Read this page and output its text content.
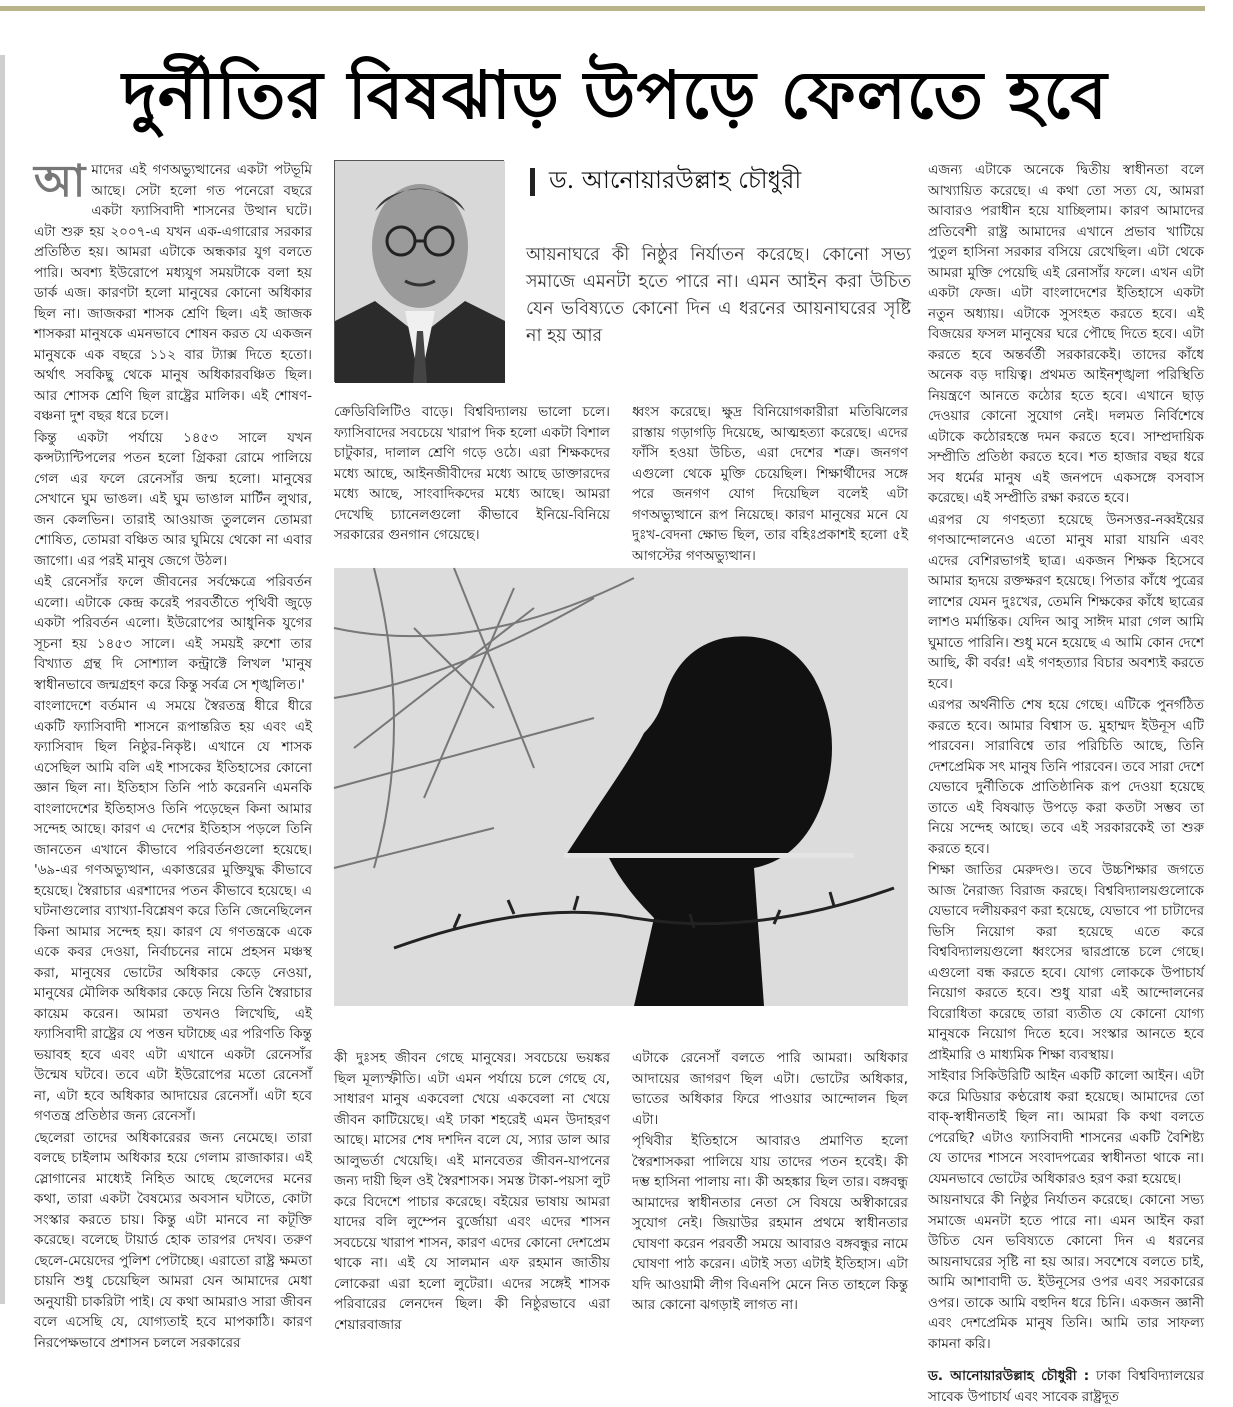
দুর্নীতির বিষঝাড় উপড়ে ফেলতে হবে

আমাদের এই গণঅভ্যুত্থানের একটা পটভূমি আছে। সেটা হলো গত পনেরো বছরে একটা ফ্যাসিবাদী শাসনের উত্থান ঘটে। এটা শুরু হয় ২০০৭-এ যখন এক-এগারোর সরকার প্রতিষ্ঠিত হয়। আমরা এটাকে অন্ধকার যুগ বলতে পারি। অবশ্য ইউরোপে মধ্যযুগ সময়টাকে বলা হয় ডার্ক এজ। কারণটা হলো মানুষের কোনো অধিকার ছিল না। জাজকরা শাসক শ্রেণি ছিল। এই জাজক শাসকরা মানুষকে এমনভাবে শোষন করত যে একজন মানুষকে এক বছরে ১১২ বার ট্যাক্স দিতে হতো। অর্থাৎ সবকিছু থেকে মানুষ অধিকারবঞ্চিত ছিল। আর শোসক শ্রেণি ছিল রাষ্ট্রের মালিক। এই শোষণ-বঞ্চনা দুশ বছর ধরে চলে।

কিন্তু একটা পর্যায়ে ১৪৫৩ সালে যখন কন্সট্যান্টিপলের পতন হলো গ্রিকরা রোমে পালিয়ে গেল এর ফলে রেনেসাঁর জন্ম হলো। মানুষের সেখানে ঘুম ভাঙল। এই ঘুম ভাঙাল মার্টিন লুথার, জন কেলভিন। তারাই আওয়াজ তুললেন তোমরা শোষিত, তোমরা বঞ্চিত আর ঘুমিয়ে থেকো না এবার জাগো। এর পরই মানুষ জেগে উঠল।

এই রেনেসাঁর ফলে জীবনের সর্বক্ষেত্রে পরিবর্তন এলো। এটাকে কেন্দ্র করেই পরবর্তীতে পৃথিবী জুড়ে একটা পরিবর্তন এলো। ইউরোপের আধুনিক যুগের সূচনা হয় ১৪৫৩ সালে। এই সময়ই রুশো তার বিখ্যাত গ্রন্থ দি সোশ্যাল কন্ট্রাক্টে লিখল 'মানুষ স্বাধীনভাবে জন্মগ্রহণ করে কিন্তু সর্বত্র সে শৃঙ্খলিত।'

বাংলাদেশে বর্তমান এ সময়ে স্বৈরতন্ত্র ধীরে ধীরে একটি ফ্যাসিবাদী শাসনে রূপান্তরিত হয় এবং এই ফ্যাসিবাদ ছিল নিষ্ঠুর-নিকৃষ্ট। এখানে যে শাসক এসেছিল আমি বলি এই শাসকের ইতিহাসের কোনো জ্ঞান ছিল না। ইতিহাস তিনি পাঠ করেননি এমনকি বাংলাদেশের ইতিহাসও তিনি পড়েছেন কিনা আমার সন্দেহ আছে। কারণ এ দেশের ইতিহাস পড়লে তিনি জানতেন এখানে কীভাবে পরিবর্তনগুলো হয়েছে। '৬৯-এর গণঅভ্যুত্থান, একাত্তরের মুক্তিযুদ্ধ কীভাবে হয়েছে। স্বৈরাচার এরশাদের পতন কীভাবে হয়েছে। এ ঘটনাগুলোর ব্যাখ্যা-বিশ্লেষণ করে তিনি জেনেছিলেন কিনা আমার সন্দেহ হয়। কারণ যে গণতন্ত্রকে একে একে কবর দেওয়া, নির্বাচনের নামে প্রহসন মঞ্চস্থ করা, মানুষের ভোটের অধিকার কেড়ে নেওয়া, মানুষের মৌলিক অধিকার কেড়ে নিয়ে তিনি স্বৈরাচার কায়েম করেন। আমরা তখনও লিখেছি, এই ফ্যাসিবাদী রাষ্ট্রের যে পত্তন ঘটাচ্ছে এর পরিণতি কিন্তু ভয়াবহ হবে এবং এটা এখানে একটা রেনেসাঁর উন্মেষ ঘটবে। তবে এটা ইউরোপের মতো রেনেসাঁ না, এটা হবে অধিকার আদায়ের রেনেসাঁ। এটা হবে গণতন্ত্র প্রতিষ্ঠার জন্য রেনেসাঁ।

ছেলেরা তাদের অধিকারেরর জন্য নেমেছে। তারা বলছে চাইলাম অধিকার হয়ে গেলাম রাজাকার। এই স্লোগানের মাধ্যেই নিহিত আছে ছেলেদের মনের কথা, তারা একটা বৈষম্যের অবসান ঘটাতে, কোটা সংস্কার করতে চায়। কিন্তু এটা মানবে না কটূক্তি করেছে। বলেছে টায়ার্ড হোক তারপর দেখব। তরুণ ছেলে-মেয়েদের পুলিশ পেটাচ্ছে। এরাতো রাষ্ট্র ক্ষমতা চায়নি শুধু চেয়েছিল আমরা যেন আমাদের মেধা অনুযায়ী চাকরিটা পাই। যে কথা আমরাও সারা জীবন বলে এসেছি যে, যোগ্যতাই হবে মাপকাঠি। কারণ নিরপেক্ষভাবে প্রশাসন চললে সরকারের

ড. আনোয়ারউল্লাহ চৌধুরী
আয়নাঘরে কী নিষ্ঠুর নির্যাতন করেছে। কোনো সভ্য সমাজে এমনটা হতে পারে না। এমন আইন করা উচিত যেন ভবিষ্যতে কোনো দিন এ ধরনের আয়নাঘরের সৃষ্টি না হয় আর

ক্রেডিবিলিটিও বাড়ে। বিশ্ববিদ্যালয় ভালো চলে। ফ্যাসিবাদের সবচেয়ে খারাপ দিক হলো একটা বিশাল চাটুকার, দালাল শ্রেণি গড়ে ওঠে। এরা শিক্ষকদের মধ্যে আছে, আইনজীবীদের মধ্যে আছে ডাক্তারদের মধ্যে আছে, সাংবাদিকদের মধ্যে আছে। আমরা দেখেছি চ্যানেলগুলো কীভাবে ইনিয়ে-বিনিয়ে সরকারের গুনগান গেয়েছে।

ধ্বংস করেছে। ক্ষুদ্র বিনিয়োগকারীরা মতিঝিলের রাস্তায় গড়াগড়ি দিয়েছে, আত্মহত্যা করেছে। এদের ফাঁসি হওয়া উচিত, এরা দেশের শত্রু। জনগণ এগুলো থেকে মুক্তি চেয়েছিল। শিক্ষার্থীদের সঙ্গে পরে জনগণ যোগ দিয়েছিল বলেই এটা গণঅভ্যুত্থানে রূপ নিয়েছে। কারণ মানুষের মনে যে দুঃখ-বেদনা ক্ষোভ ছিল, তার বহিঃপ্রকাশই হলো ৫ই আগস্টের গণঅভ্যুত্থান।

কী দুঃসহ জীবন গেছে মানুষের। সবচেয়ে ভয়ঙ্কর ছিল মূল্যস্ফীতি। এটা এমন পর্যায়ে চলে গেছে যে, সাধারণ মানুষ একবেলা খেয়ে একবেলা না খেয়ে জীবন কাটিয়েছে। এই ঢাকা শহরেই এমন উদাহরণ আছে। মাসের শেষ দশদিন বলে যে, স্যার ডাল আর আলুভর্তা খেয়েছি। এই মানবেতর জীবন-যাপনের জন্য দায়ী ছিল ওই স্বৈরশাসক। সমস্ত টাকা-পয়সা লুট করে বিদেশে পাচার করেছে। বইয়ের ভাষায় আমরা যাদের বলি লুম্পেন বুর্জোয়া এবং এদের শাসন সবচেয়ে খারাপ শাসন, কারণ এদের কোনো দেশপ্রেম থাকে না। এই যে সালমান এফ রহমান জাতীয় লোকেরা এরা হলো লুটেরা। এদের সঙ্গেই শাসক পরিবারের লেনদেন ছিল। কী নিষ্ঠুরভাবে এরা শেয়ারবাজার

এটাকে রেনেসাঁ বলতে পারি আমরা। অধিকার আদায়ের জাগরণ ছিল এটা। ভোটের অধিকার, ভাতের অধিকার ফিরে পাওয়ার আন্দোলন ছিল এটা।

পৃথিবীর ইতিহাসে আবারও প্রমাণিত হলো স্বৈরশাসকরা পালিয়ে যায় তাদের পতন হবেই। কী দম্ভ হাসিনা পালায় না। কী অহঙ্কার ছিল তার। বঙ্গবন্ধু আমাদের স্বাধীনতার নেতা সে বিষয়ে অস্বীকারের সুযোগ নেই। জিয়াউর রহমান প্রথমে স্বাধীনতার ঘোষণা করেন পরবর্তী সময়ে আবারও বঙ্গবন্ধুর নামে ঘোষণা পাঠ করেন। এটাই সত্য এটাই ইতিহাস। এটা যদি আওয়ামী লীগ বিএনপি মেনে নিত তাহলে কিন্তু আর কোনো ঝগড়াই লাগত না।

এজন্য এটাকে অনেকে দ্বিতীয় স্বাধীনতা বলে আখ্যায়িত করেছে। এ কথা তো সত্য যে, আমরা আবারও পরাধীন হয়ে যাচ্ছিলাম। কারণ আমাদের প্রতিবেশী রাষ্ট্র আমাদের এখানে প্রভাব খাটিয়ে পুতুল হাসিনা সরকার বসিয়ে রেখেছিল। এটা থেকে আমরা মুক্তি পেয়েছি এই রেনাসাঁর ফলে। এখন এটা একটা ফেজ। এটা বাংলাদেশের ইতিহাসে একটা নতুন অধ্যায়। এটাকে সুসংহত করতে হবে। এই বিজয়ের ফসল মানুষের ঘরে পৌছে দিতে হবে। এটা করতে হবে অন্তর্বর্তী সরকারকেই। তাদের কাঁধে অনেক বড় দায়িত্ব। প্রথমত আইনশৃঙ্খলা পরিস্থিতি নিয়ন্ত্রণে আনতে কঠোর হতে হবে। এখানে ছাড় দেওয়ার কোনো সুযোগ নেই। দলমত নির্বিশেষে এটাকে কঠোরহস্তে দমন করতে হবে। সাম্প্রদায়িক সম্প্রীতি প্রতিষ্ঠা করতে হবে। শত হাজার বছর ধরে সব ধর্মের মানুষ এই জনপদে একসঙ্গে বসবাস করেছে। এই সম্প্রীতি রক্ষা করতে হবে।

এরপর যে গণহত্যা হয়েছে উনসত্তর-নব্বইয়ের গণআন্দোলনেও এতো মানুষ মারা যায়নি এবং এদের বেশিরভাগই ছাত্র। একজন শিক্ষক হিসেবে আমার হৃদয়ে রক্তক্ষরণ হয়েছে। পিতার কাঁধে পুত্রের লাশের যেমন দুঃখের, তেমনি শিক্ষকের কাঁধে ছাত্রের লাশও মর্মান্তিক। যেদিন আবু সাঈদ মারা গেল আমি ঘুমাতে পারিনি। শুধু মনে হয়েছে এ আমি কোন দেশে আছি, কী বর্বর! এই গণহত্যার বিচার অবশ্যই করতে হবে।

এরপর অর্থনীতি শেষ হয়ে গেছে। এটিকে পুনর্গঠিত করতে হবে। আমার বিশ্বাস ড. মুহাম্মদ ইউনূস এটি পারবেন। সারাবিশ্বে তার পরিচিতি আছে, তিনি দেশপ্রেমিক সৎ মানুষ তিনি পারবেন। তবে সারা দেশে যেভাবে দুর্নীতিকে প্রাতিষ্ঠানিক রূপ দেওয়া হয়েছে তাতে এই বিষঝাড় উপড়ে করা কতটা সম্ভব তা নিয়ে সন্দেহ আছে। তবে এই সরকারকেই তা শুরু করতে হবে।

শিক্ষা জাতির মেরুদণ্ড। তবে উচ্চশিক্ষার জগতে আজ নৈরাজ্য বিরাজ করছে। বিশ্ববিদ্যালয়গুলোকে যেভাবে দলীয়করণ করা হয়েছে, যেভাবে পা চাটাদের ভিসি নিয়োগ করা হয়েছে এতে করে বিশ্ববিদ্যালয়গুলো ধ্বংসের দ্বারপ্রান্তে চলে গেছে। এগুলো বন্ধ করতে হবে। যোগ্য লোককে উপাচার্য নিয়োগ করতে হবে। শুধু যারা এই আন্দোলনের বিরোধিতা করেছে তারা ব্যতীত যে কোনো যোগ্য মানুষকে নিয়োগ দিতে হবে। সংস্কার আনতে হবে প্রাইমারি ও মাধ্যমিক শিক্ষা ব্যবস্থায়।

সাইবার সিকিউরিটি আইন একটি কালো আইন। এটা করে মিডিয়ার কণ্ঠরোধ করা হয়েছে। আমাদের তো বাক্-স্বাধীনতাই ছিল না। আমরা কি কথা বলতে পেরেছি? এটাও ফ্যাসিবাদী শাসনের একটি বৈশিষ্ট্য যে তাদের শাসনে সংবাদপত্রের স্বাধীনতা থাকে না। যেমনভাবে ভোটের অধিকারও হরণ করা হয়েছে।

আয়নাঘরে কী নিষ্ঠুর নির্যাতন করেছে। কোনো সভ্য সমাজে এমনটা হতে পারে না। এমন আইন করা উচিত যেন ভবিষ্যতে কোনো দিন এ ধরনের আয়নাঘরের সৃষ্টি না হয় আর। সবশেষে বলতে চাই, আমি আশাবাদী ড. ইউনূসের ওপর এবং সরকারের ওপর। তাকে আমি বহুদিন ধরে চিনি। একজন জ্ঞানী এবং দেশপ্রেমিক মানুষ তিনি। আমি তার সাফল্য কামনা করি।

ড. আনোয়ারউল্লাহ চৌধুরী : ঢাকা বিশ্ববিদ্যালয়ের সাবেক উপাচার্য এবং সাবেক রাষ্ট্রদূত
